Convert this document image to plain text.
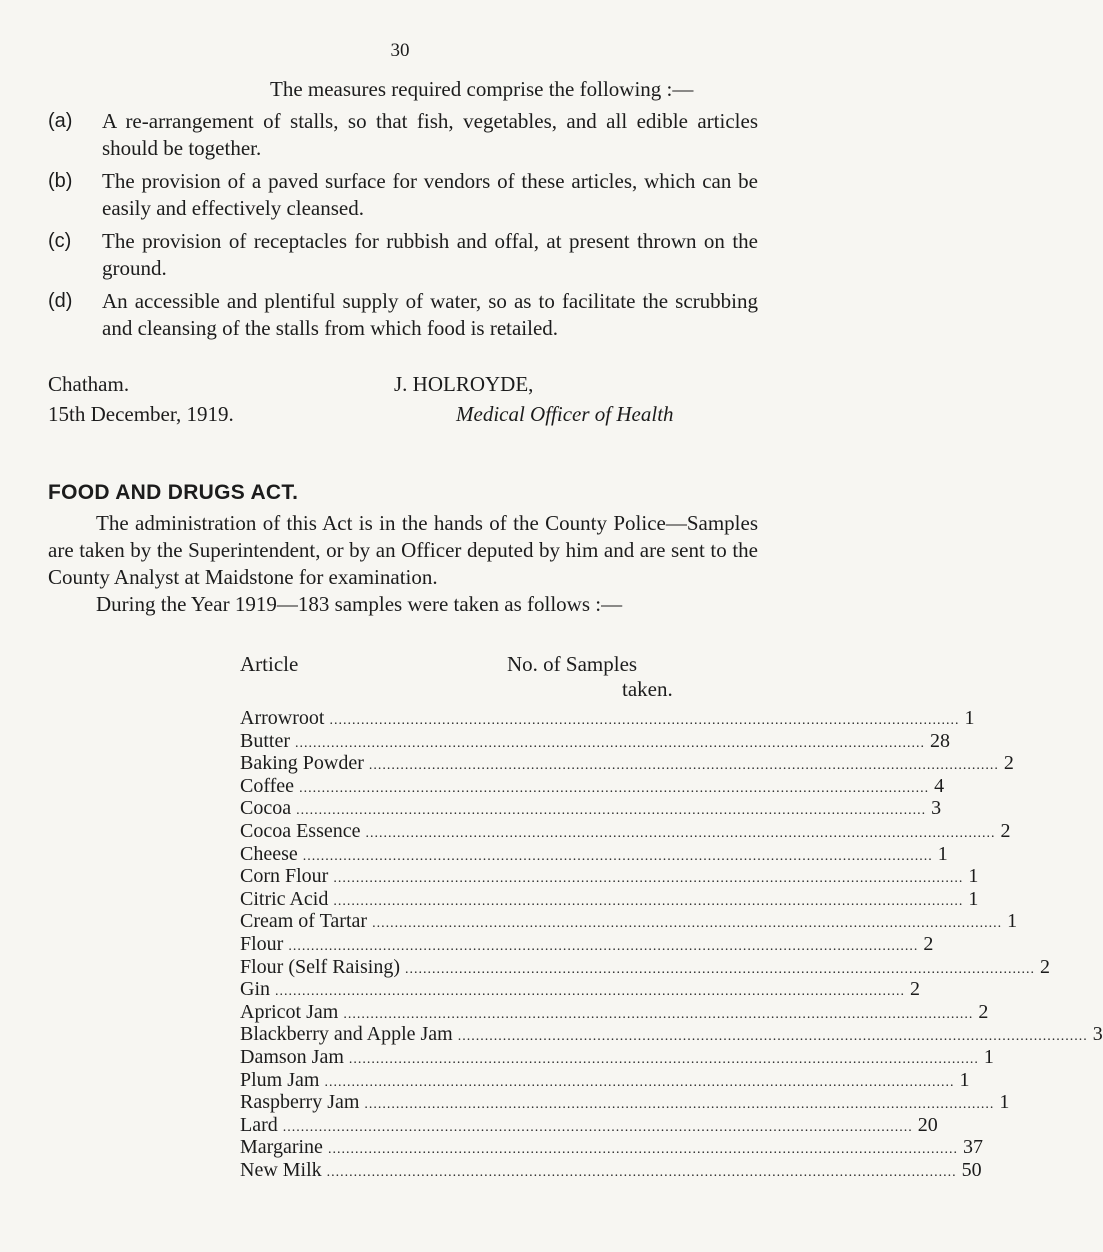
30
The measures required comprise the following :—
(a) A re-arrangement of stalls, so that fish, vegetables, and all edible articles should be together.
(b) The provision of a paved surface for vendors of these articles, which can be easily and effectively cleansed.
(c) The provision of receptacles for rubbish and offal, at present thrown on the ground.
(d) An accessible and plentiful supply of water, so as to facilitate the scrubbing and cleansing of the stalls from which food is retailed.
Chatham.
15th December, 1919.
J. HOLROYDE,
Medical Officer of Health
FOOD AND DRUGS ACT.

The administration of this Act is in the hands of the County Police—Samples are taken by the Superintendent, or by an Officer deputed by him and are sent to the County Analyst at Maidstone for examination.

During the Year 1919—183 samples were taken as follows :—

Article	No. of Samples
taken.
Arrowroot ............................................................................................................................................ 1
Butter ............................................................................................................................................ 28
Baking Powder ............................................................................................................................................ 2
Coffee ............................................................................................................................................ 4
Cocoa ............................................................................................................................................ 3
Cocoa Essence ............................................................................................................................................ 2
Cheese ............................................................................................................................................ 1
Corn Flour ............................................................................................................................................ 1
Citric Acid ............................................................................................................................................ 1
Cream of Tartar ............................................................................................................................................ 1
Flour ............................................................................................................................................ 2
Flour (Self Raising) ............................................................................................................................................ 2
Gin ............................................................................................................................................ 2
Apricot Jam ............................................................................................................................................ 2
Blackberry and Apple Jam ............................................................................................................................................ 3
Damson Jam ............................................................................................................................................ 1
Plum Jam ............................................................................................................................................ 1
Raspberry Jam ............................................................................................................................................ 1
Lard ............................................................................................................................................ 20
Margarine ............................................................................................................................................ 37
New Milk ............................................................................................................................................ 50
